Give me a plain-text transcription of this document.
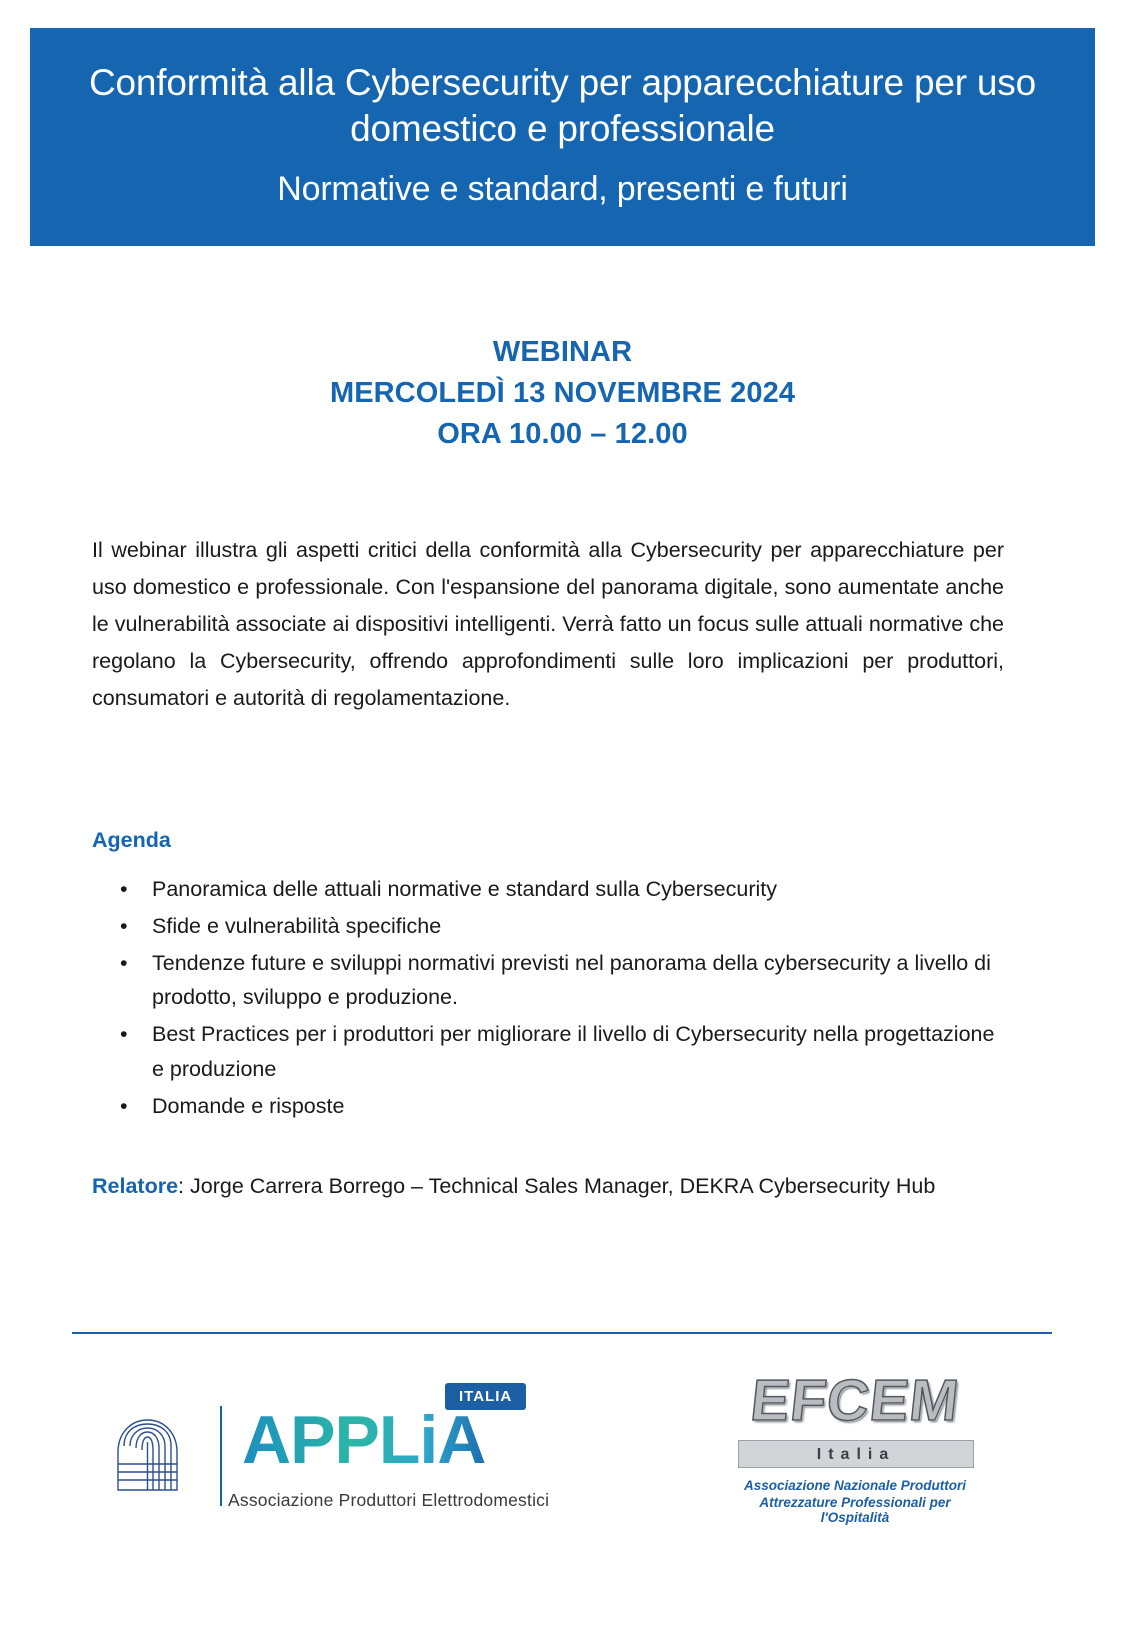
Conformità alla Cybersecurity per apparecchiature per uso domestico e professionale
Normative e standard, presenti e futuri
WEBINAR
MERCOLEDÌ 13 NOVEMBRE 2024
ORA 10.00 – 12.00
Il webinar illustra gli aspetti critici della conformità alla Cybersecurity per apparecchiature per uso domestico e professionale. Con l'espansione del panorama digitale, sono aumentate anche le vulnerabilità associate ai dispositivi intelligenti. Verrà fatto un focus sulle attuali normative che regolano la Cybersecurity, offrendo approfondimenti sulle loro implicazioni per produttori, consumatori e autorità di regolamentazione.
Agenda
• Panoramica delle attuali normative e standard sulla Cybersecurity
• Sfide e vulnerabilità specifiche
• Tendenze future e sviluppi normativi previsti nel panorama della cybersecurity a livello di prodotto, sviluppo e produzione.
• Best Practices per i produttori per migliorare il livello di Cybersecurity nella progettazione e produzione
• Domande e risposte
Relatore: Jorge Carrera Borrego – Technical Sales Manager, DEKRA Cybersecurity Hub
ITALIA
APPLiA
Associazione Produttori Elettrodomestici
EFCEM
Italia
Associazione Nazionale Produttori
Attrezzature Professionali per l'Ospitalità
